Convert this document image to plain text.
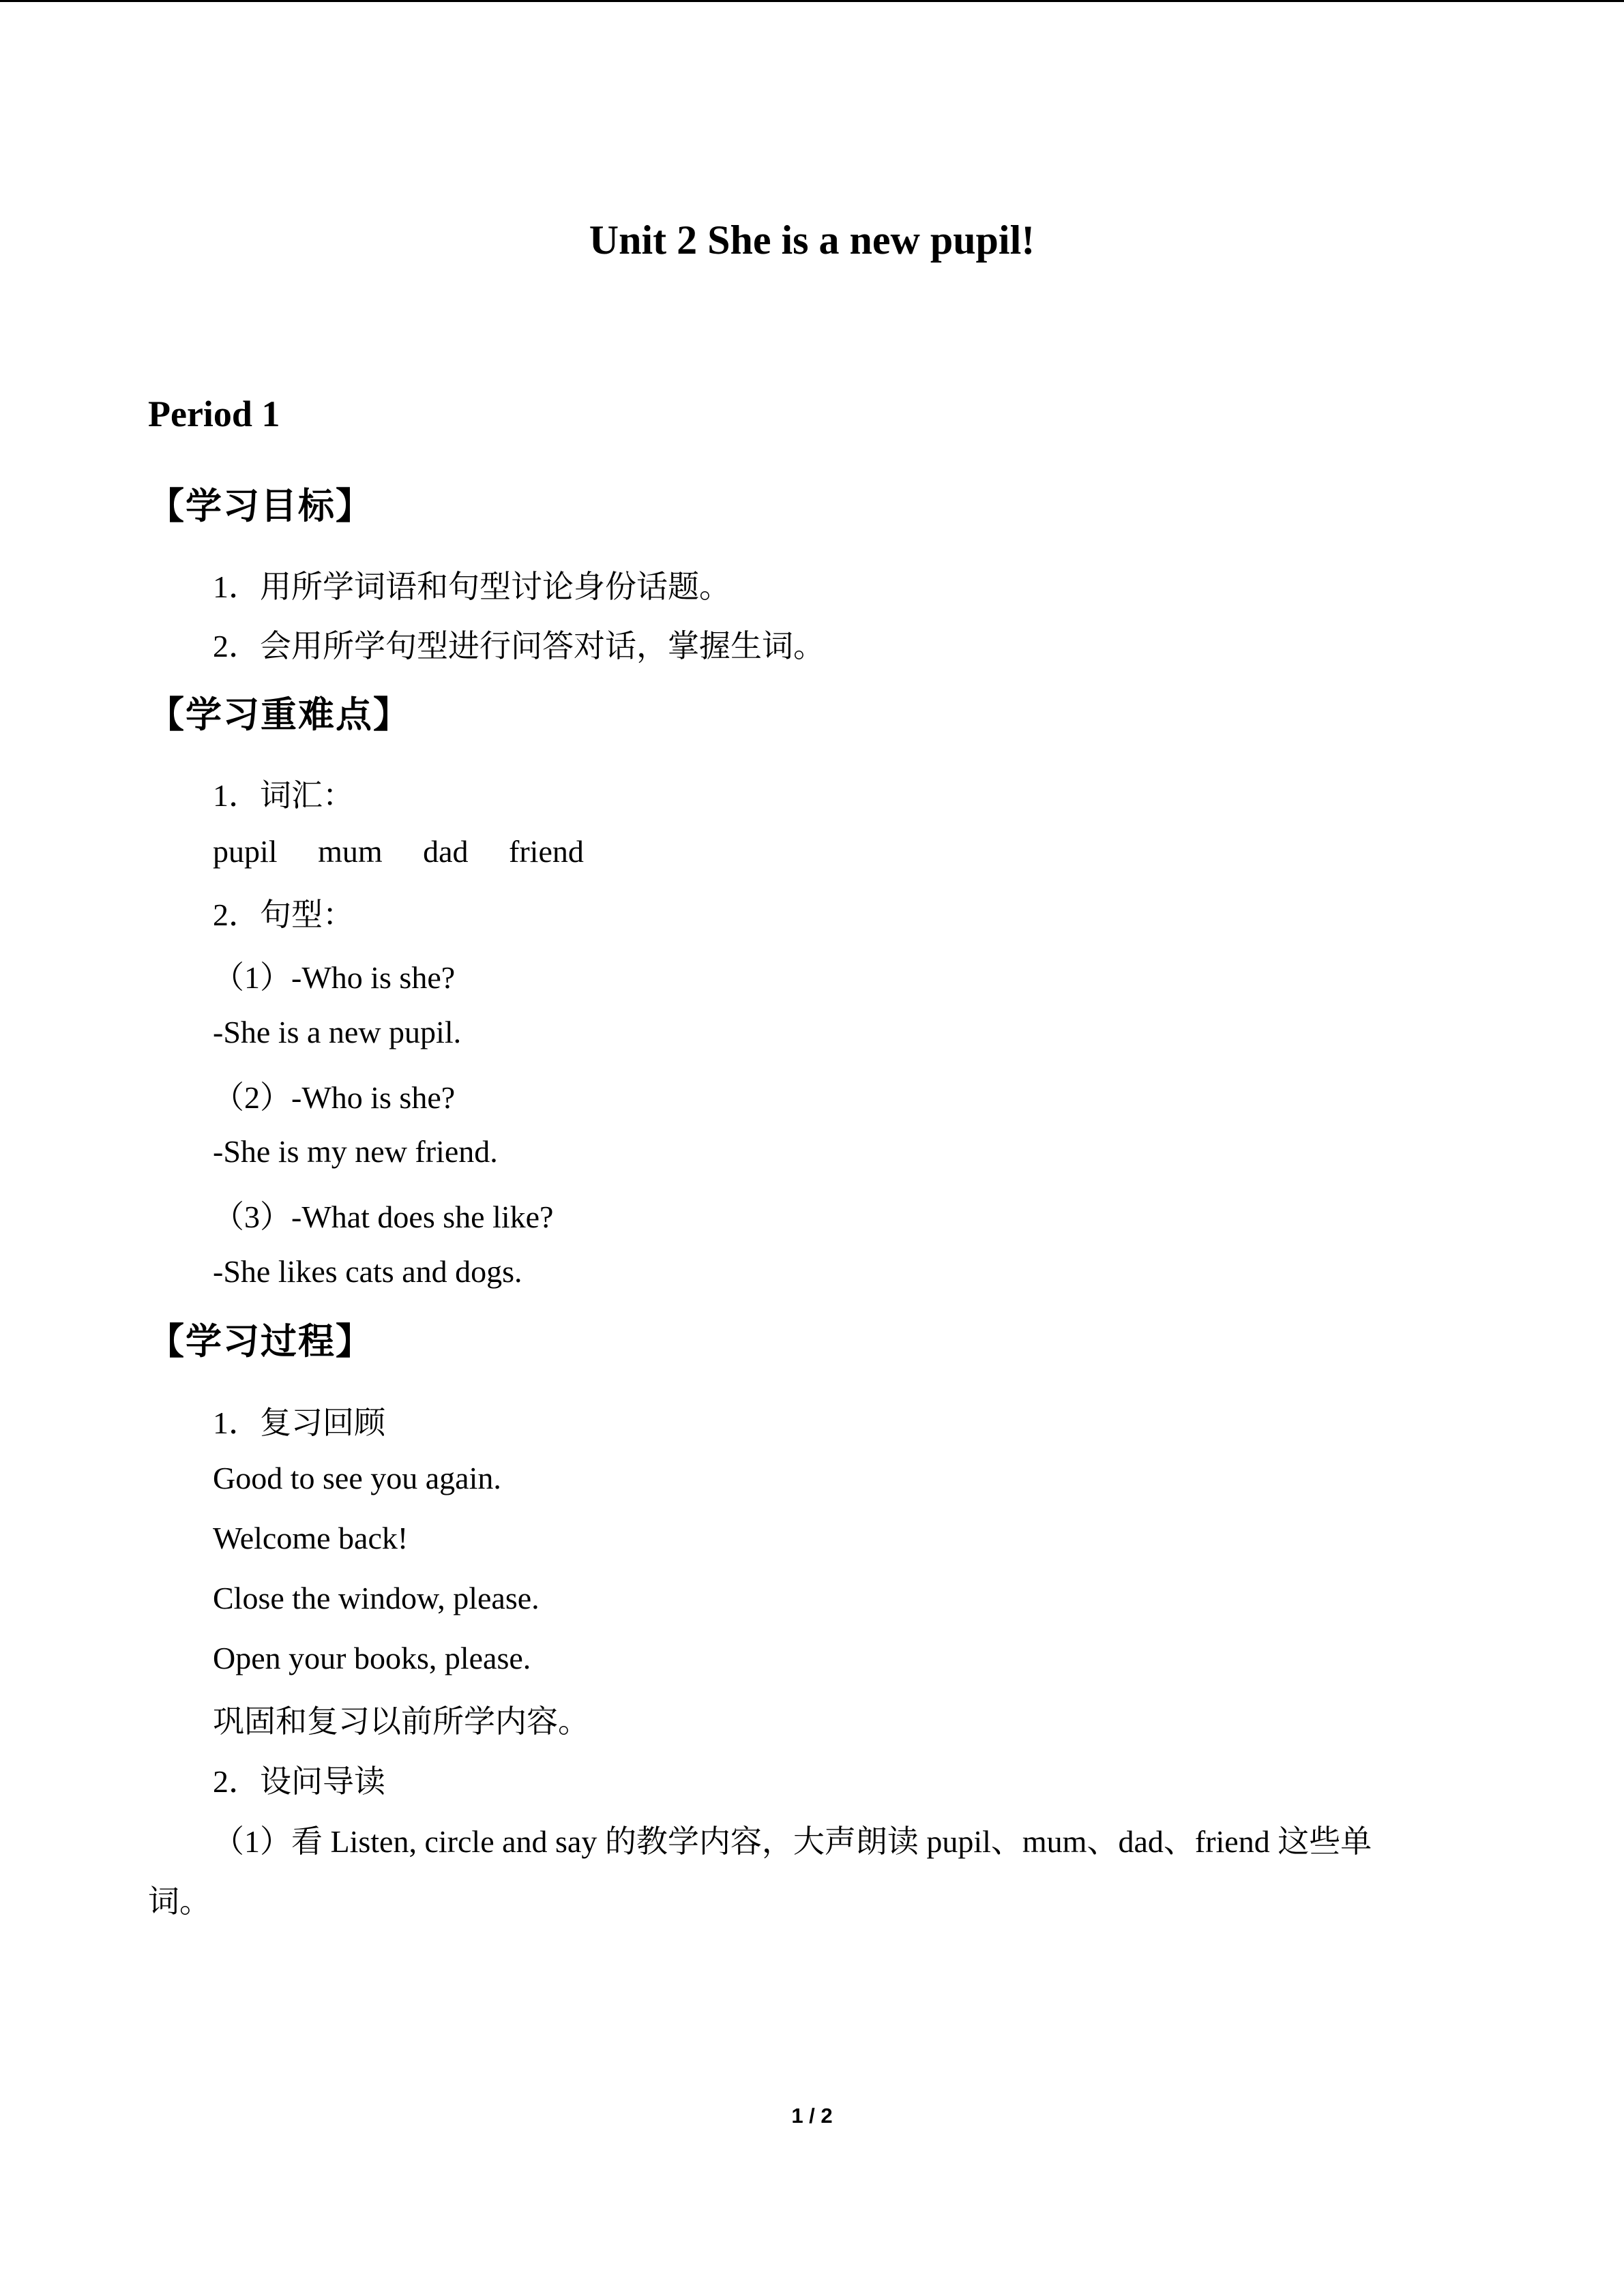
Unit 2 She is a new pupil!
Period 1
【学习目标】
1．用所学词语和句型讨论身份话题。
2．会用所学句型进行问答对话，掌握生词。
【学习重难点】
1．词汇：
pupil mum dad friend
2．句型：
（1）-Who is she?
-She is a new pupil.
（2）-Who is she?
-She is my new friend.
（3）-What does she like?
-She likes cats and dogs.
【学习过程】
1．复习回顾
Good to see you again.
Welcome back!
Close the window, please.
Open your books, please.
巩固和复习以前所学内容。
2．设问导读
（1）看 Listen, circle and say 的教学内容，大声朗读 pupil、mum、dad、friend 这些单
词。
1 / 2
